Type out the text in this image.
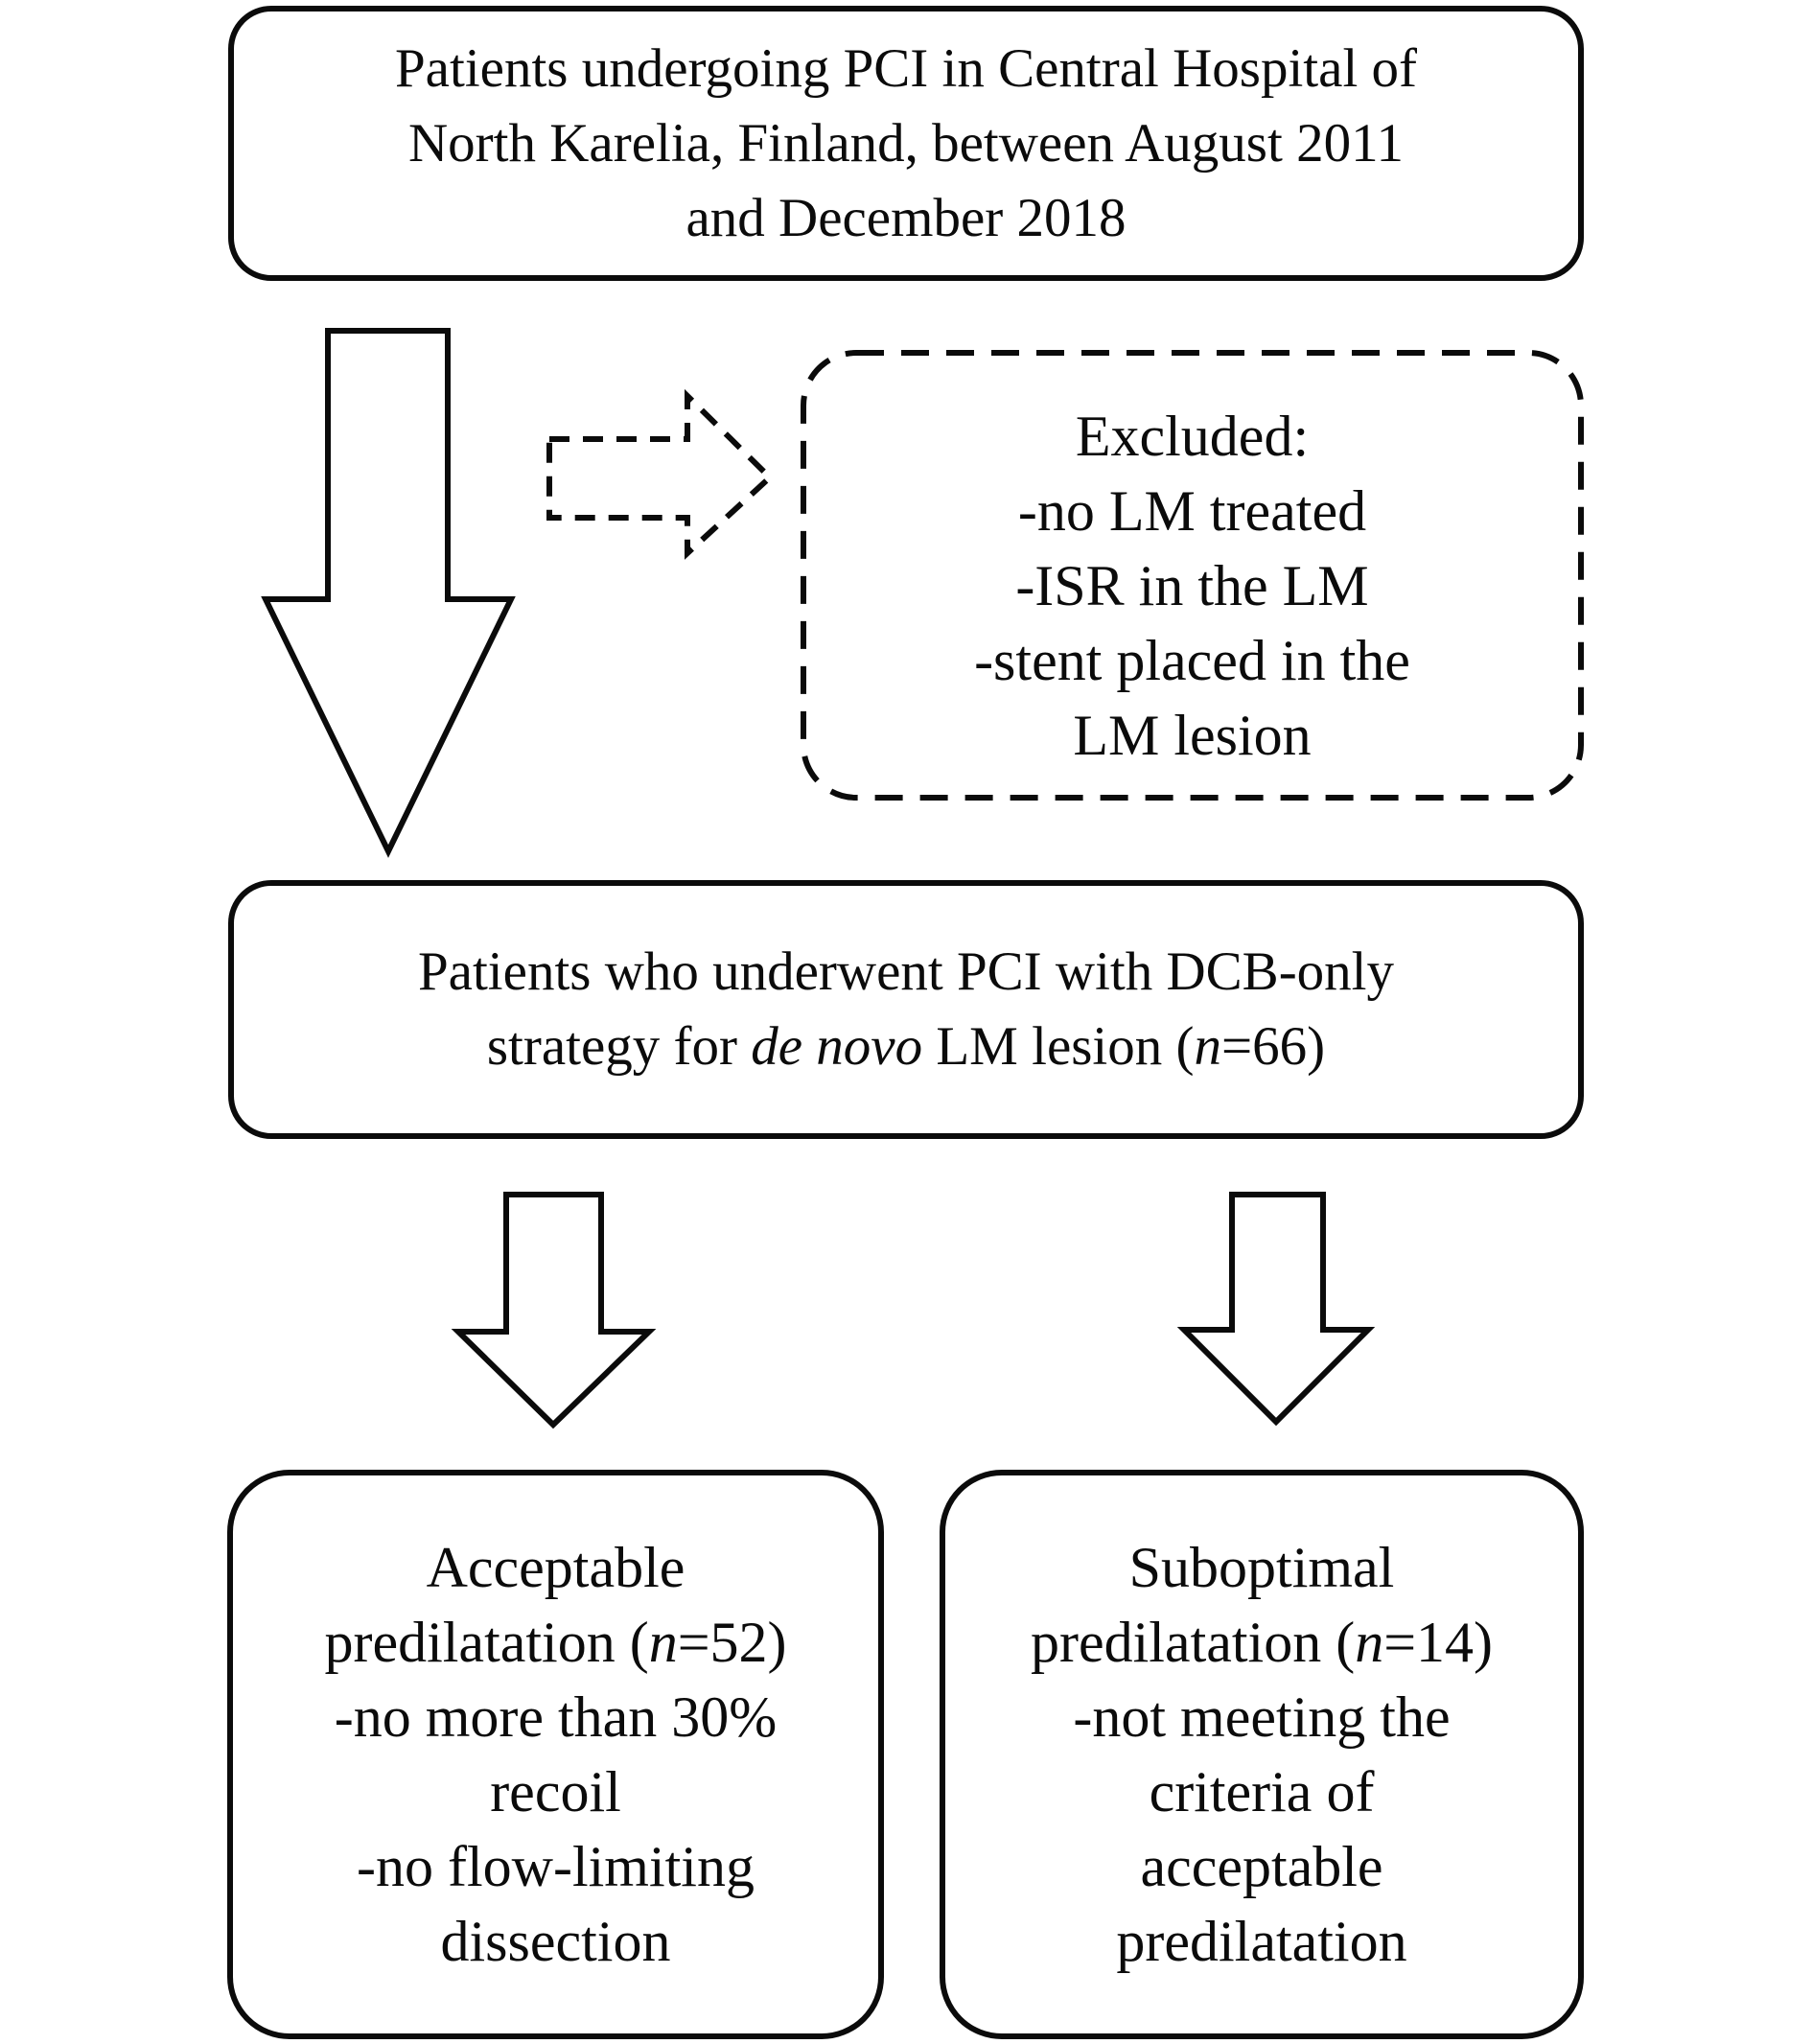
Patients undergoing PCI in Central Hospital of
North Karelia, Finland, between August 2011
and December 2018
Excluded:
-no LM treated
-ISR in the LM
-stent placed in the
LM lesion
Patients who underwent PCI with DCB-only
strategy for de novo LM lesion (n=66)
Acceptable
predilatation (n=52)
-no more than 30%
recoil
-no flow-limiting
dissection
Suboptimal
predilatation (n=14)
-not meeting the
criteria of
acceptable
predilatation
